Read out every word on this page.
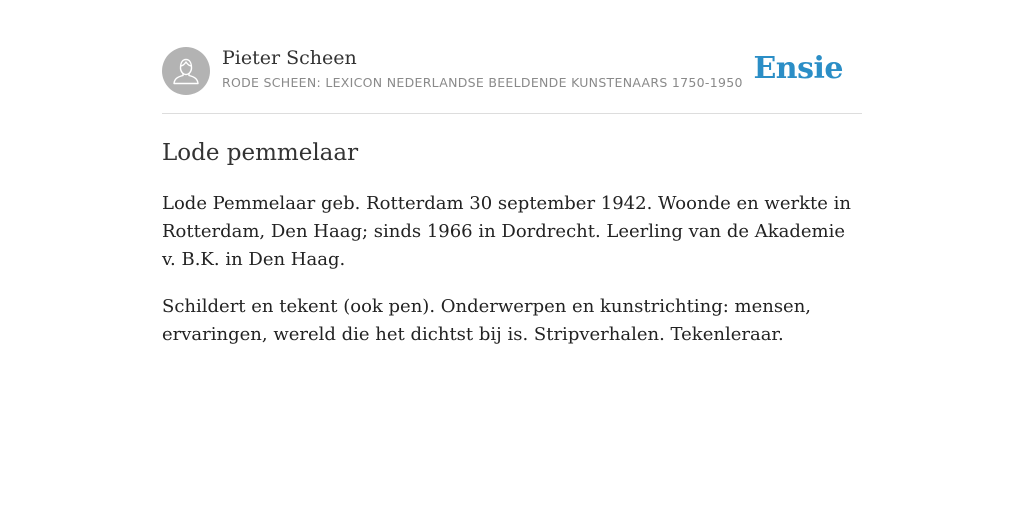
Pieter Scheen
RODE SCHEEN: LEXICON NEDERLANDSE BEELDENDE KUNSTENAARS 1750-1950 Ensie
Lode pemmelaar

Lode Pemmelaar geb. Rotterdam 30 september 1942. Woonde en werkte in Rotterdam, Den Haag; sinds 1966 in Dordrecht. Leerling van de Akademie v. B.K. in Den Haag.

Schildert en tekent (ook pen). Onderwerpen en kunstrichting: mensen, ervaringen, wereld die het dichtst bij is. Stripverhalen. Tekenleraar.
